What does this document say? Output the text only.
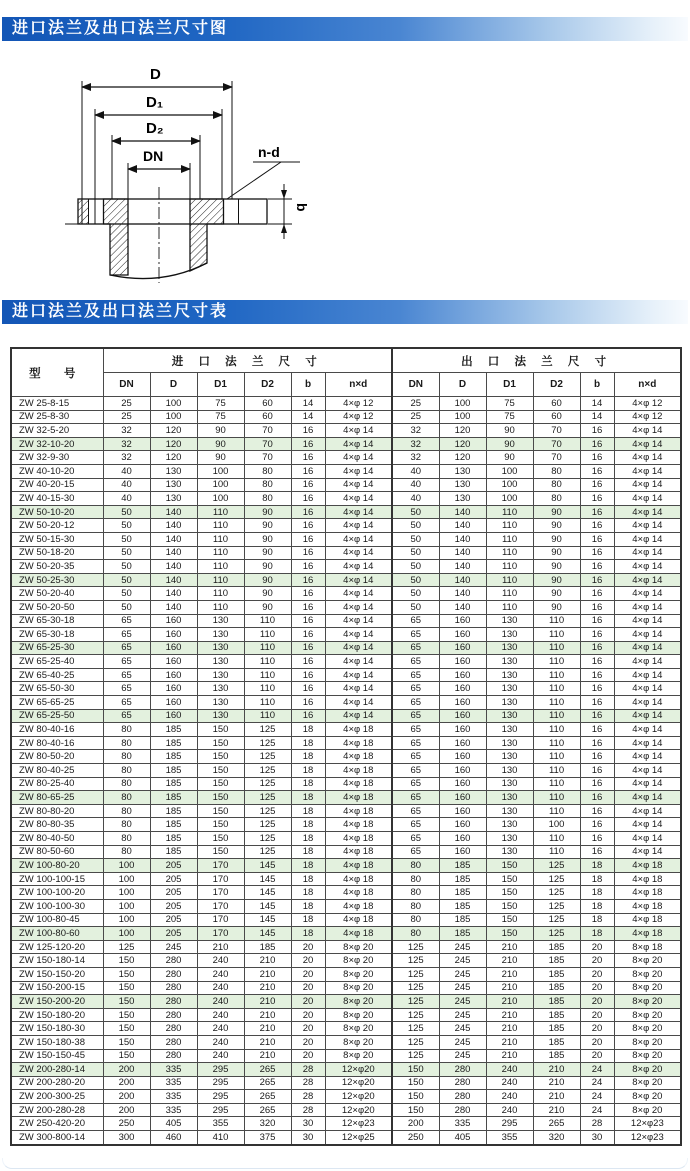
进口法兰及出口法兰尺寸图
D
D₁
D₂
DN	n-d
b
进口法兰及出口法兰尺寸表
型 号	进 口 法 兰 尺 寸						出 口 法 兰 尺 寸					
	DN	D	D1	D2	b	n×d	DN	D	D1	D2	b	n×d
ZW 25-8-15	25	100	75	60	14	4×φ 12	25	100	75	60	14	4×φ 12
ZW 25-8-30	25	100	75	60	14	4×φ 12	25	100	75	60	14	4×φ 12
ZW 32-5-20	32	120	90	70	16	4×φ 14	32	120	90	70	16	4×φ 14
ZW 32-10-20	32	120	90	70	16	4×φ 14	32	120	90	70	16	4×φ 14
ZW 32-9-30	32	120	90	70	16	4×φ 14	32	120	90	70	16	4×φ 14
ZW 40-10-20	40	130	100	80	16	4×φ 14	40	130	100	80	16	4×φ 14
ZW 40-20-15	40	130	100	80	16	4×φ 14	40	130	100	80	16	4×φ 14
ZW 40-15-30	40	130	100	80	16	4×φ 14	40	130	100	80	16	4×φ 14
ZW 50-10-20	50	140	110	90	16	4×φ 14	50	140	110	90	16	4×φ 14
ZW 50-20-12	50	140	110	90	16	4×φ 14	50	140	110	90	16	4×φ 14
ZW 50-15-30	50	140	110	90	16	4×φ 14	50	140	110	90	16	4×φ 14
ZW 50-18-20	50	140	110	90	16	4×φ 14	50	140	110	90	16	4×φ 14
ZW 50-20-35	50	140	110	90	16	4×φ 14	50	140	110	90	16	4×φ 14
ZW 50-25-30	50	140	110	90	16	4×φ 14	50	140	110	90	16	4×φ 14
ZW 50-20-40	50	140	110	90	16	4×φ 14	50	140	110	90	16	4×φ 14
ZW 50-20-50	50	140	110	90	16	4×φ 14	50	140	110	90	16	4×φ 14
ZW 65-30-18	65	160	130	110	16	4×φ 14	65	160	130	110	16	4×φ 14
ZW 65-30-18	65	160	130	110	16	4×φ 14	65	160	130	110	16	4×φ 14
ZW 65-25-30	65	160	130	110	16	4×φ 14	65	160	130	110	16	4×φ 14
ZW 65-25-40	65	160	130	110	16	4×φ 14	65	160	130	110	16	4×φ 14
ZW 65-40-25	65	160	130	110	16	4×φ 14	65	160	130	110	16	4×φ 14
ZW 65-50-30	65	160	130	110	16	4×φ 14	65	160	130	110	16	4×φ 14
ZW 65-65-25	65	160	130	110	16	4×φ 14	65	160	130	110	16	4×φ 14
ZW 65-25-50	65	160	130	110	16	4×φ 14	65	160	130	110	16	4×φ 14
ZW 80-40-16	80	185	150	125	18	4×φ 18	65	160	130	110	16	4×φ 14
ZW 80-40-16	80	185	150	125	18	4×φ 18	65	160	130	110	16	4×φ 14
ZW 80-50-20	80	185	150	125	18	4×φ 18	65	160	130	110	16	4×φ 14
ZW 80-40-25	80	185	150	125	18	4×φ 18	65	160	130	110	16	4×φ 14
ZW 80-25-40	80	185	150	125	18	4×φ 18	65	160	130	110	16	4×φ 14
ZW 80-65-25	80	185	150	125	18	4×φ 18	65	160	130	110	16	4×φ 14
ZW 80-80-20	80	185	150	125	18	4×φ 18	65	160	130	110	16	4×φ 14
ZW 80-80-35	80	185	150	125	18	4×φ 18	65	160	130	100	16	4×φ 14
ZW 80-40-50	80	185	150	125	18	4×φ 18	65	160	130	110	16	4×φ 14
ZW 80-50-60	80	185	150	125	18	4×φ 18	65	160	130	110	16	4×φ 14
ZW 100-80-20	100	205	170	145	18	4×φ 18	80	185	150	125	18	4×φ 18
ZW 100-100-15	100	205	170	145	18	4×φ 18	80	185	150	125	18	4×φ 18
ZW 100-100-20	100	205	170	145	18	4×φ 18	80	185	150	125	18	4×φ 18
ZW 100-100-30	100	205	170	145	18	4×φ 18	80	185	150	125	18	4×φ 18
ZW 100-80-45	100	205	170	145	18	4×φ 18	80	185	150	125	18	4×φ 18
ZW 100-80-60	100	205	170	145	18	4×φ 18	80	185	150	125	18	4×φ 18
ZW 125-120-20	125	245	210	185	20	8×φ 20	125	245	210	185	20	8×φ 18
ZW 150-180-14	150	280	240	210	20	8×φ 20	125	245	210	185	20	8×φ 20
ZW 150-150-20	150	280	240	210	20	8×φ 20	125	245	210	185	20	8×φ 20
ZW 150-200-15	150	280	240	210	20	8×φ 20	125	245	210	185	20	8×φ 20
ZW 150-200-20	150	280	240	210	20	8×φ 20	125	245	210	185	20	8×φ 20
ZW 150-180-20	150	280	240	210	20	8×φ 20	125	245	210	185	20	8×φ 20
ZW 150-180-30	150	280	240	210	20	8×φ 20	125	245	210	185	20	8×φ 20
ZW 150-180-38	150	280	240	210	20	8×φ 20	125	245	210	185	20	8×φ 20
ZW 150-150-45	150	280	240	210	20	8×φ 20	125	245	210	185	20	8×φ 20
ZW 200-280-14	200	335	295	265	28	12×φ20	150	280	240	210	24	8×φ 20
ZW 200-280-20	200	335	295	265	28	12×φ20	150	280	240	210	24	8×φ 20
ZW 200-300-25	200	335	295	265	28	12×φ20	150	280	240	210	24	8×φ 20
ZW 200-280-28	200	335	295	265	28	12×φ20	150	280	240	210	24	8×φ 20
ZW 250-420-20	250	405	355	320	30	12×φ23	200	335	295	265	28	12×φ23
ZW 300-800-14	300	460	410	375	30	12×φ25	250	405	355	320	30	12×φ23
